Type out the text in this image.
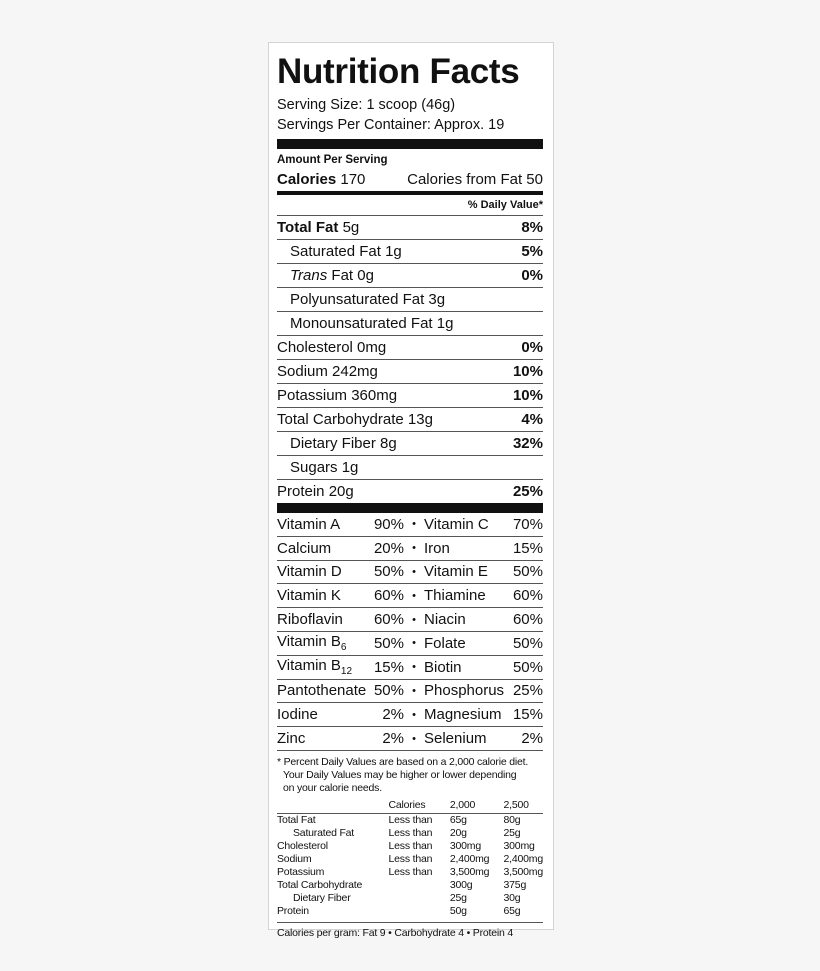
Nutrition Facts
Serving Size: 1 scoop (46g)
Servings Per Container: Approx. 19
Amount Per Serving
Calories 170	Calories from Fat 50
% Daily Value*
Total Fat 5g	8%
Saturated Fat 1g	5%
Trans Fat 0g	0%
Polyunsaturated Fat 3g
Monounsaturated Fat 1g
Cholesterol 0mg	0%
Sodium 242mg	10%
Potassium 360mg	10%
Total Carbohydrate 13g	4%
Dietary Fiber 8g	32%
Sugars 1g
Protein 20g	25%
Vitamin A	90% • Vitamin C	70%
Calcium	20% • Iron	15%
Vitamin D	50% • Vitamin E	50%
Vitamin K	60% • Thiamine	60%
Riboflavin	60% • Niacin	60%
Vitamin $B_6$	50% • Folate	50%
Vitamin $B_{12}$	15% • Biotin	50%
Pantothenate 50% • Phosphorus 25%
Iodine	2% • Magnesium 15%
Zinc	2% • Selenium	2%

* Percent Daily Values are based on a 2,000 calorie diet.

Your Daily Values may be higher or lower depending

on your calorie needs.

	Calories	2,000	2,500
Total Fat	Less than	65g	80g
Saturated Fat	Less than	20g	25g
Cholesterol	Less than	300mg	300mg
Sodium	Less than	2,400mg	2,400mg
Potassium	Less than	3,500mg	3,500mg
Total Carbohydrate		300g	375g
Dietary Fiber		25g	30g
Protein		50g	65g
Calories per gram: Fat 9 • Carbohydrate 4 • Protein 4
